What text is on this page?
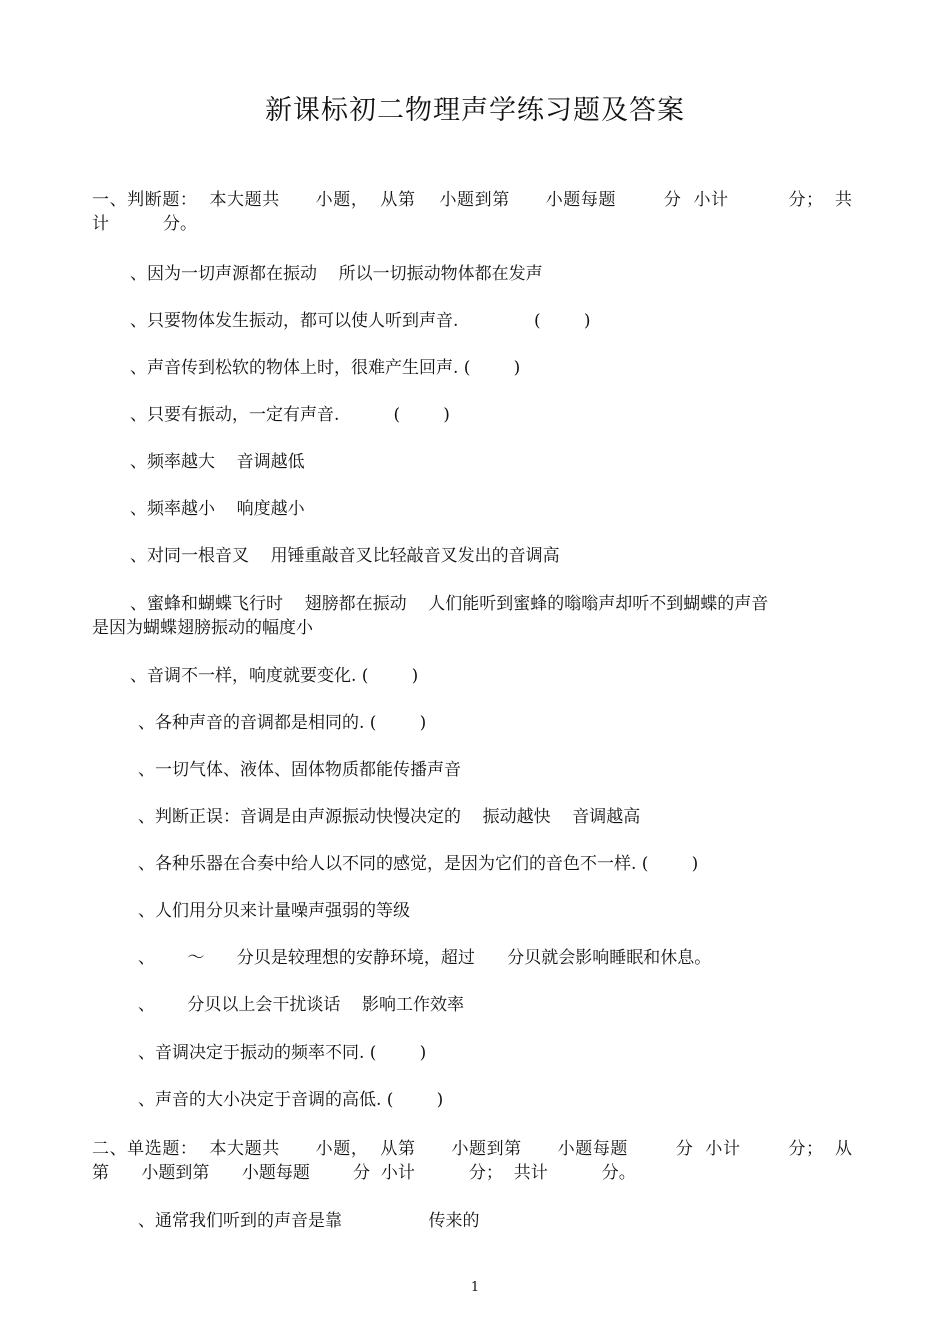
新课标初二物理声学练习题及答案
一、判断题：  本大题共      小题，  从第    小题到第      小题每题        分  小计          分；  共
计          分。
、因为一切声源都在振动    所以一切振动物体都在发声
、只要物体发生振动，都可以使人听到声音.              (        )
、声音传到松软的物体上时，很难产生回声. (        )
、只要有振动，一定有声音.          (        )
、频率越大    音调越低
、频率越小    响度越小
、对同一根音叉    用锤重敲音叉比轻敲音叉发出的音调高
、蜜蜂和蝴蝶飞行时    翅膀都在振动    人们能听到蜜蜂的嗡嗡声却听不到蝴蝶的声音
是因为蝴蝶翅膀振动的幅度小
、音调不一样，响度就要变化. (        )
、各种声音的音调都是相同的. (        )
、一切气体、液体、固体物质都能传播声音
、判断正误：音调是由声源振动快慢决定的    振动越快    音调越高
、各种乐器在合奏中给人以不同的感觉，是因为它们的音色不一样. (        )
、人们用分贝来计量噪声强弱的等级
、      ～      分贝是较理想的安静环境，超过      分贝就会影响睡眠和休息。
、      分贝以上会干扰谈话    影响工作效率
、音调决定于振动的频率不同. (        )
、声音的大小决定于音调的高低. (        )
二、单选题：  本大题共      小题，  从第      小题到第      小题每题        分  小计        分；  从
第      小题到第      小题每题        分  小计          分；  共计          分。
、通常我们听到的声音是靠                传来的
1
